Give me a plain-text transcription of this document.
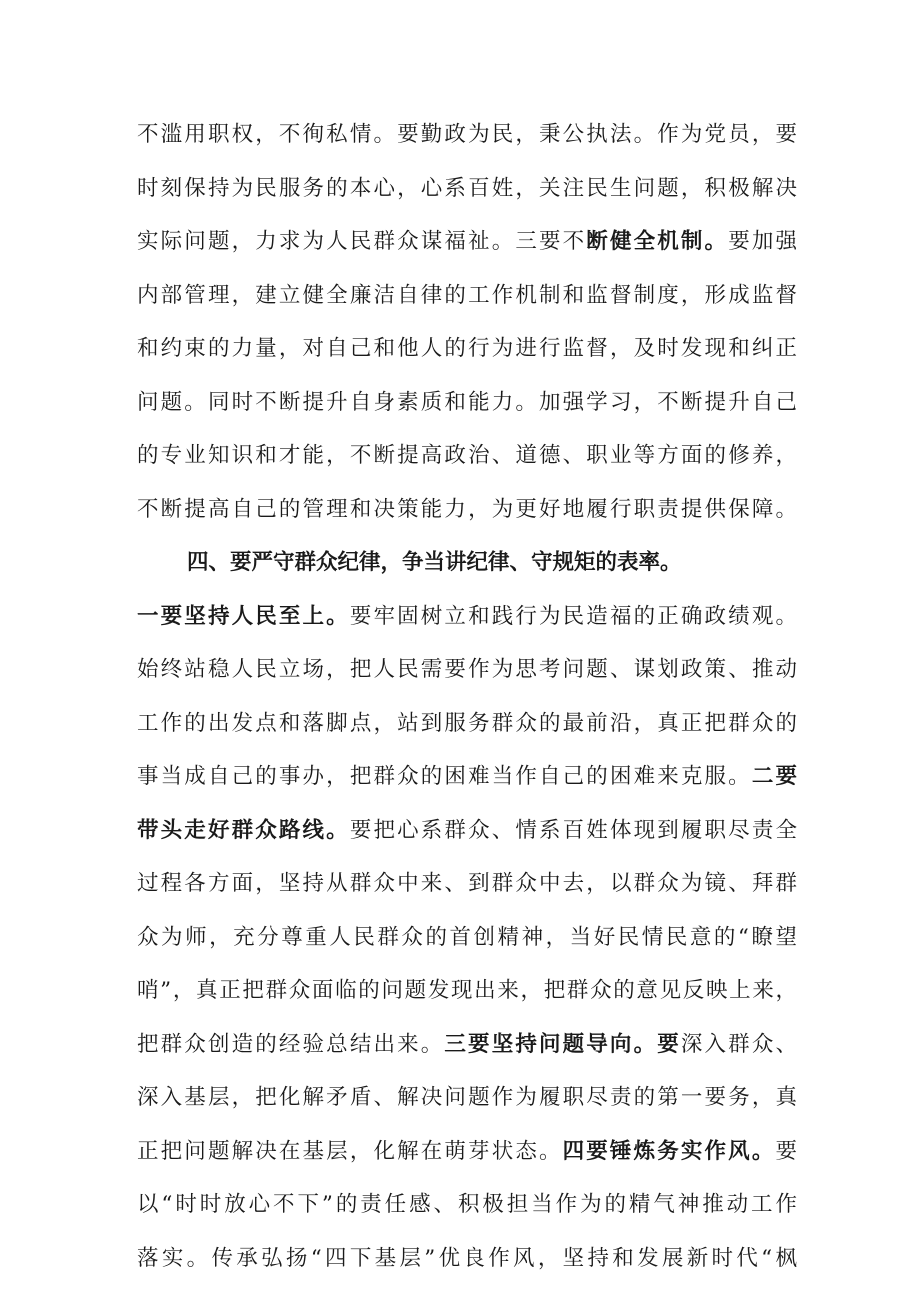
不滥用职权，不徇私情。要勤政为民，秉公执法。作为党员，要
时刻保持为民服务的本心，心系百姓，关注民生问题，积极解决
实际问题，力求为人民群众谋福祉。三要不断健全机制。要加强
内部管理，建立健全廉洁自律的工作机制和监督制度，形成监督
和约束的力量，对自己和他人的行为进行监督，及时发现和纠正
问题。同时不断提升自身素质和能力。加强学习，不断提升自己
的专业知识和才能，不断提高政治、道德、职业等方面的修养，
不断提高自己的管理和决策能力，为更好地履行职责提供保障。
四、要严守群众纪律，争当讲纪律、守规矩的表率。
一要坚持人民至上。要牢固树立和践行为民造福的正确政绩观。
始终站稳人民立场，把人民需要作为思考问题、谋划政策、推动
工作的出发点和落脚点，站到服务群众的最前沿，真正把群众的
事当成自己的事办，把群众的困难当作自己的困难来克服。二要
带头走好群众路线。要把心系群众、情系百姓体现到履职尽责全
过程各方面，坚持从群众中来、到群众中去，以群众为镜、拜群
众为师，充分尊重人民群众的首创精神，当好民情民意的“瞭望
哨”，真正把群众面临的问题发现出来，把群众的意见反映上来，
把群众创造的经验总结出来。三要坚持问题导向。要深入群众、
深入基层，把化解矛盾、解决问题作为履职尽责的第一要务，真
正把问题解决在基层，化解在萌芽状态。四要锤炼务实作风。要
以“时时放心不下”的责任感、积极担当作为的精气神推动工作
落实。传承弘扬“四下基层”优良作风，坚持和发展新时代“枫
